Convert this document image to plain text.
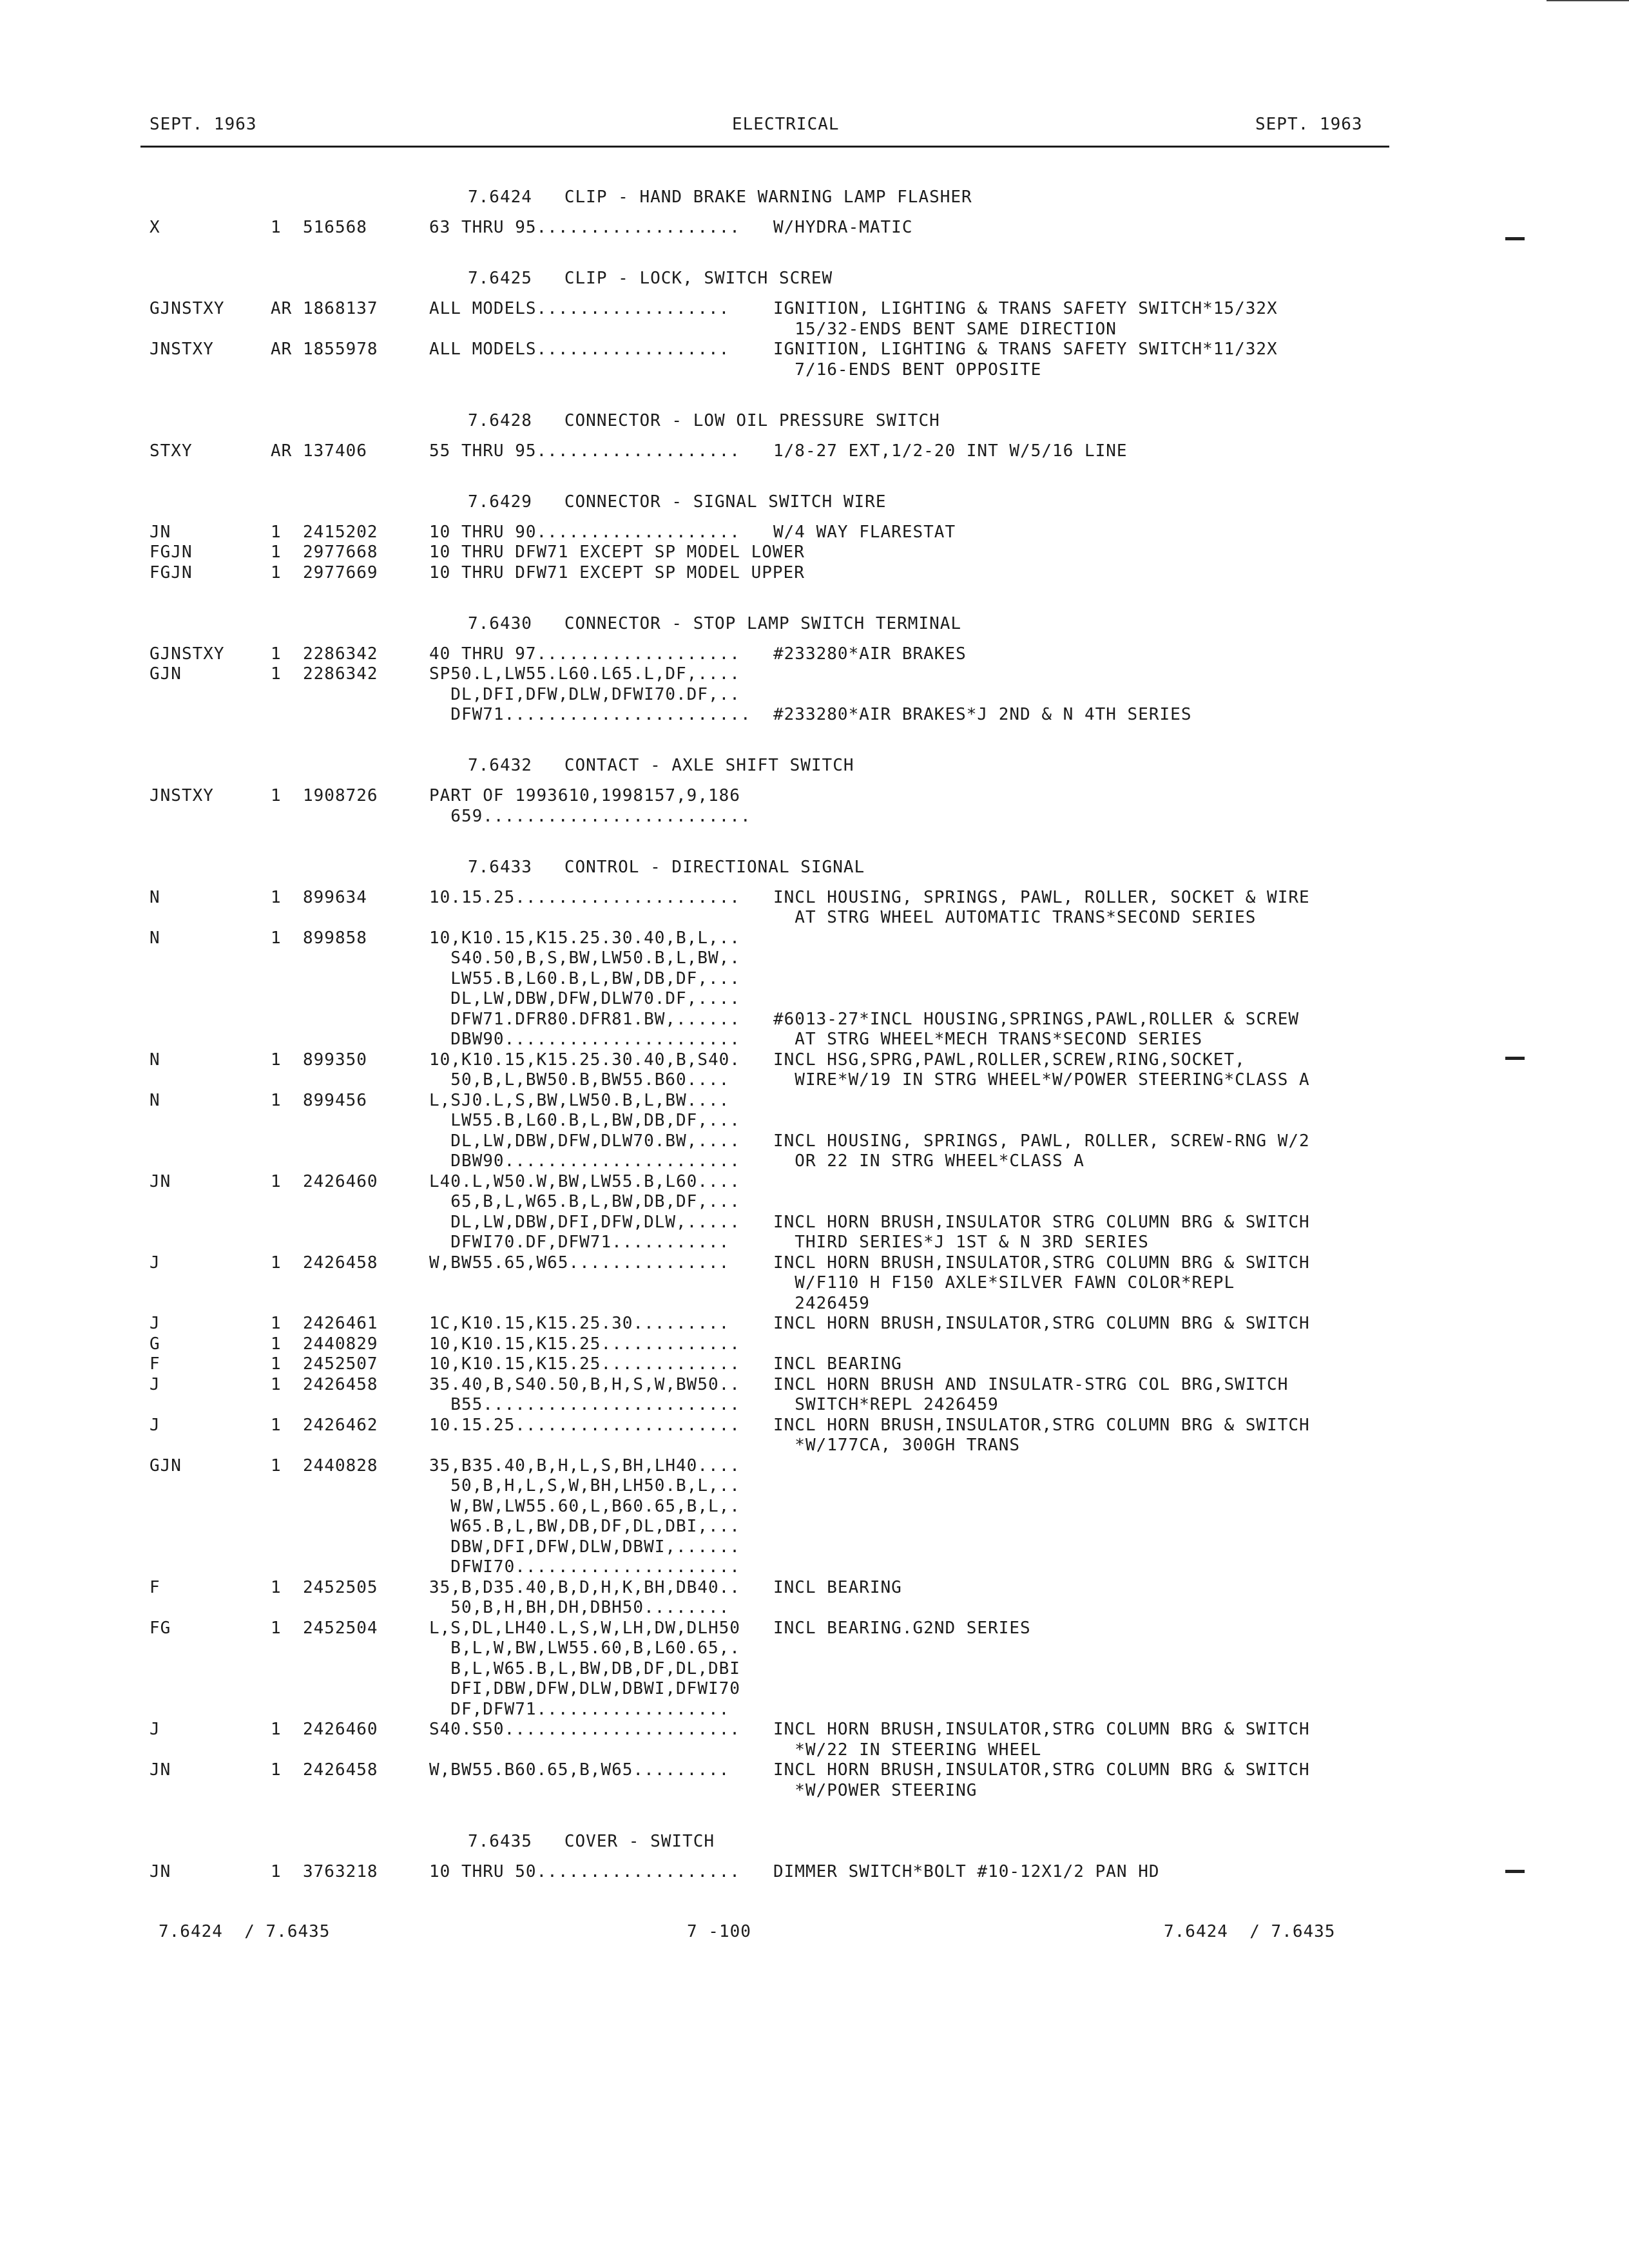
SEPT. 1963	ELECTRICAL	SEPT. 1963
7.6424   CLIP - HAND BRAKE WARNING LAMP FLASHER
X	1 516568	63 THRU 95................... W/HYDRA-MATIC
7.6425   CLIP - LOCK, SWITCH SCREW
GJNSTXY	AR 1868137	ALL MODELS..................	IGNITION, LIGHTING & TRANS SAFETY SWITCH*15/32X
15/32-ENDS BENT SAME DIRECTION
JNSTXY	AR 1855978	ALL MODELS..................	IGNITION, LIGHTING & TRANS SAFETY SWITCH*11/32X
7/16-ENDS BENT OPPOSITE
7.6428   CONNECTOR - LOW OIL PRESSURE SWITCH
STXY	AR 137406	55 THRU 95................... 1/8-27 EXT,1/2-20 INT W/5/16 LINE
7.6429   CONNECTOR - SIGNAL SWITCH WIRE
JN	1 2415202	10 THRU 90................... W/4 WAY FLARESTAT
FGJN	1 2977668	10 THRU DFW71 EXCEPT SP MODEL LOWER
FGJN	1 2977669	10 THRU DFW71 EXCEPT SP MODEL UPPER
7.6430   CONNECTOR - STOP LAMP SWITCH TERMINAL
GJNSTXY	1 2286342	40 THRU 97................... #233280*AIR BRAKES
GJN	1 2286342	SP50.L,LW55.L60.L65.L,DF,....
DL,DFI,DFW,DLW,DFWI70.DF,..
DFW71....................... #233280*AIR BRAKES*J 2ND & N 4TH SERIES
7.6432   CONTACT - AXLE SHIFT SWITCH
JNSTXY	1 1908726	PART OF 1993610,1998157,9,186
659.........................
7.6433   CONTROL - DIRECTIONAL SIGNAL
N	1 899634	10.15.25..................... INCL HOUSING, SPRINGS, PAWL, ROLLER, SOCKET & WIRE
AT STRG WHEEL AUTOMATIC TRANS*SECOND SERIES
N	1 899858	10,K10.15,K15.25.30.40,B,L,..
S40.50,B,S,BW,LW50.B,L,BW,.
LW55.B,L60.B,L,BW,DB,DF,...
DL,LW,DBW,DFW,DLW70.DF,....
DFW71.DFR80.DFR81.BW,...... #6013-27*INCL HOUSING,SPRINGS,PAWL,ROLLER & SCREW
DBW90...................... AT STRG WHEEL*MECH TRANS*SECOND SERIES
N	1 899350	10,K10.15,K15.25.30.40,B,S40. INCL HSG,SPRG,PAWL,ROLLER,SCREW,RING,SOCKET,
50,B,L,BW50.B,BW55.B60....	WIRE*W/19 IN STRG WHEEL*W/POWER STEERING*CLASS A
N	1 899456	L,SJ0.L,S,BW,LW50.B,L,BW....
LW55.B,L60.B,L,BW,DB,DF,...
DL,LW,DBW,DFW,DLW70.BW,.... INCL HOUSING, SPRINGS, PAWL, ROLLER, SCREW-RNG W/2
DBW90...................... OR 22 IN STRG WHEEL*CLASS A
JN	1 2426460	L40.L,W50.W,BW,LW55.B,L60....
65,B,L,W65.B,L,BW,DB,DF,...
DL,LW,DBW,DFI,DFW,DLW,..... INCL HORN BRUSH,INSULATOR STRG COLUMN BRG & SWITCH
DFWI70.DF,DFW71...........	THIRD SERIES*J 1ST & N 3RD SERIES
J	1 2426458	W,BW55.65,W65...............	INCL HORN BRUSH,INSULATOR,STRG COLUMN BRG & SWITCH
W/F110 H F150 AXLE*SILVER FAWN COLOR*REPL
2426459
J	1 2426461	1C,K10.15,K15.25.30.........	INCL HORN BRUSH,INSULATOR,STRG COLUMN BRG & SWITCH
G	1 2440829	10,K10.15,K15.25.............
F	1 2452507	10,K10.15,K15.25............. INCL BEARING
J	1 2426458	35.40,B,S40.50,B,H,S,W,BW50.. INCL HORN BRUSH AND INSULATR-STRG COL BRG,SWITCH
B55........................ SWITCH*REPL 2426459
J	1 2426462	10.15.25..................... INCL HORN BRUSH,INSULATOR,STRG COLUMN BRG & SWITCH
*W/177CA, 300GH TRANS
GJN	1 2440828	35,B35.40,B,H,L,S,BH,LH40....
50,B,H,L,S,W,BH,LH50.B,L,..
W,BW,LW55.60,L,B60.65,B,L,.
W65.B,L,BW,DB,DF,DL,DBI,...
DBW,DFI,DFW,DLW,DBWI,......
DFWI70.....................
F	1 2452505	35,B,D35.40,B,D,H,K,BH,DB40.. INCL BEARING
50,B,H,BH,DH,DBH50........
FG	1 2452504	L,S,DL,LH40.L,S,W,LH,DW,DLH50 INCL BEARING.G2ND SERIES
B,L,W,BW,LW55.60,B,L60.65,.
B,L,W65.B,L,BW,DB,DF,DL,DBI
DFI,DBW,DFW,DLW,DBWI,DFWI70
DF,DFW71..................
J	1 2426460	S40.S50...................... INCL HORN BRUSH,INSULATOR,STRG COLUMN BRG & SWITCH
*W/22 IN STEERING WHEEL
JN	1 2426458	W,BW55.B60.65,B,W65.........	INCL HORN BRUSH,INSULATOR,STRG COLUMN BRG & SWITCH
*W/POWER STEERING
7.6435   COVER - SWITCH
JN	1 3763218	10 THRU 50................... DIMMER SWITCH*BOLT #10-12X1/2 PAN HD
7.6424  / 7.6435	7 -100	7.6424  / 7.6435
